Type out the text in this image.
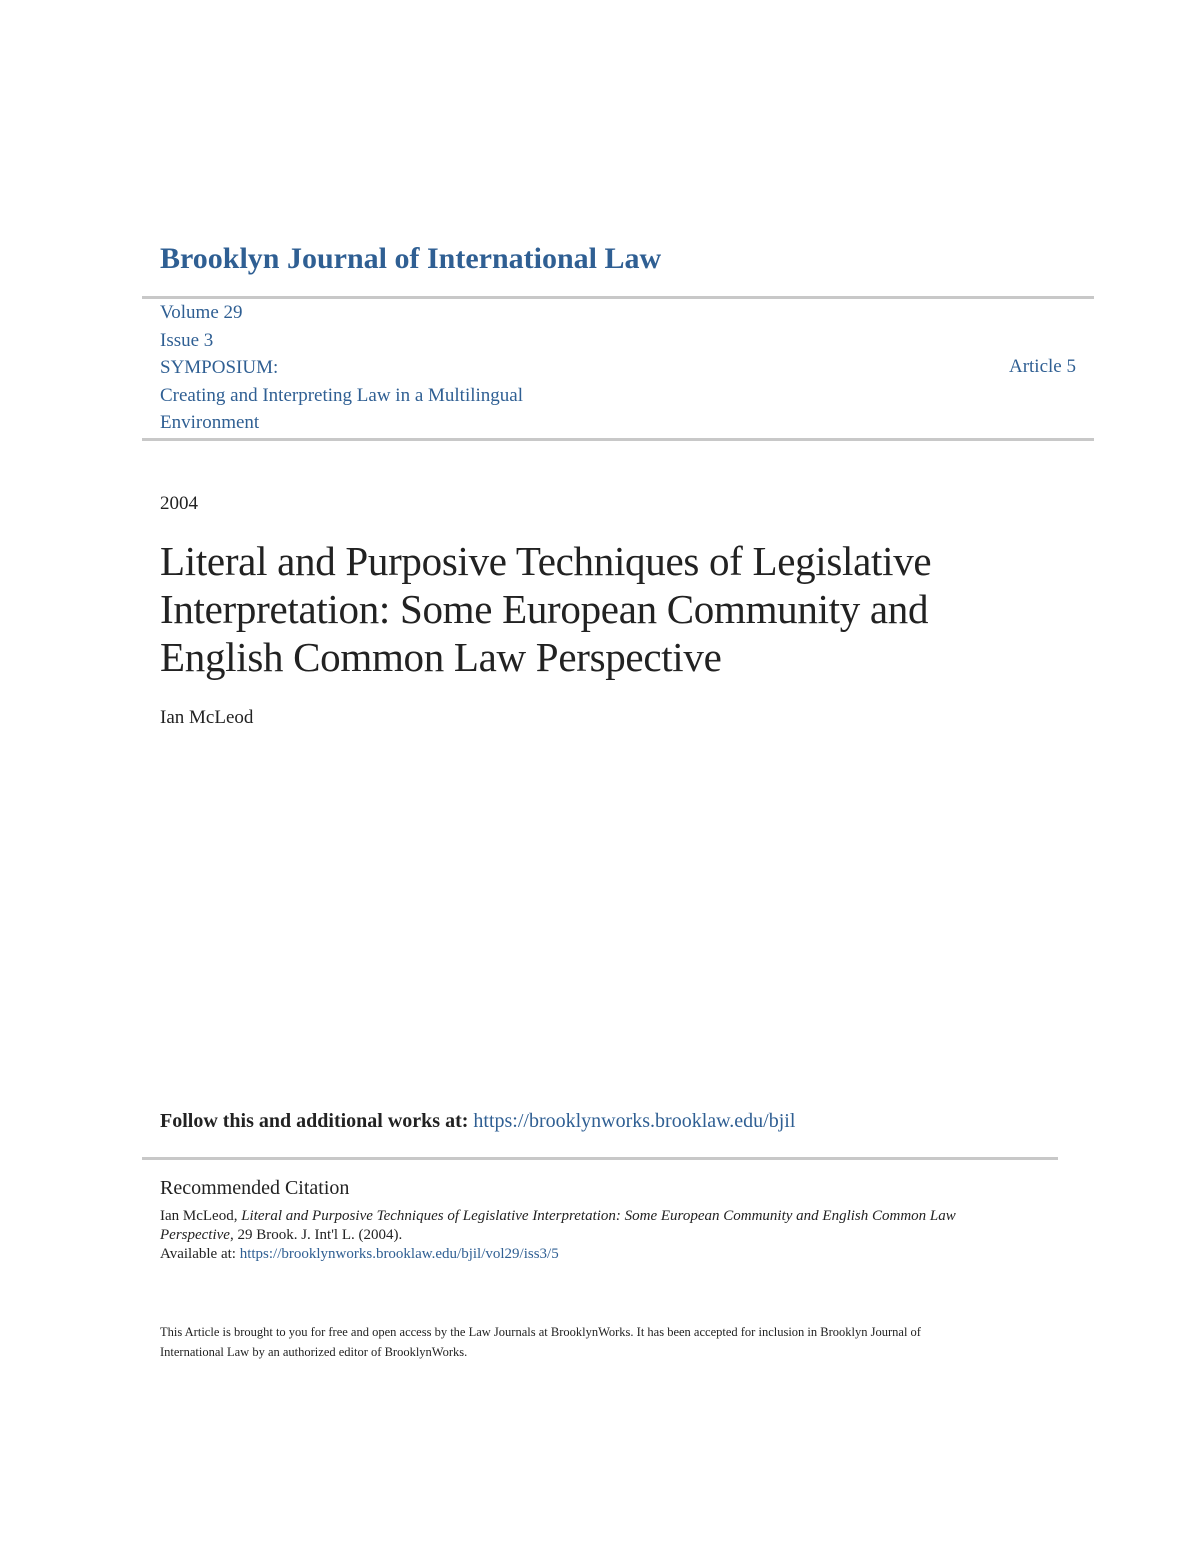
Brooklyn Journal of International Law
Volume 29
Issue 3
SYMPOSIUM:
Creating and Interpreting Law in a Multilingual
Environment
Article 5
2004
Literal and Purposive Techniques of Legislative Interpretation: Some European Community and English Common Law Perspective
Ian McLeod
Follow this and additional works at: https://brooklynworks.brooklaw.edu/bjil
Recommended Citation
Ian McLeod, Literal and Purposive Techniques of Legislative Interpretation: Some European Community and English Common Law
Perspective, 29 Brook. J. Int'l L. (2004).
Available at: https://brooklynworks.brooklaw.edu/bjil/vol29/iss3/5
This Article is brought to you for free and open access by the Law Journals at BrooklynWorks. It has been accepted for inclusion in Brooklyn Journal of
International Law by an authorized editor of BrooklynWorks.
